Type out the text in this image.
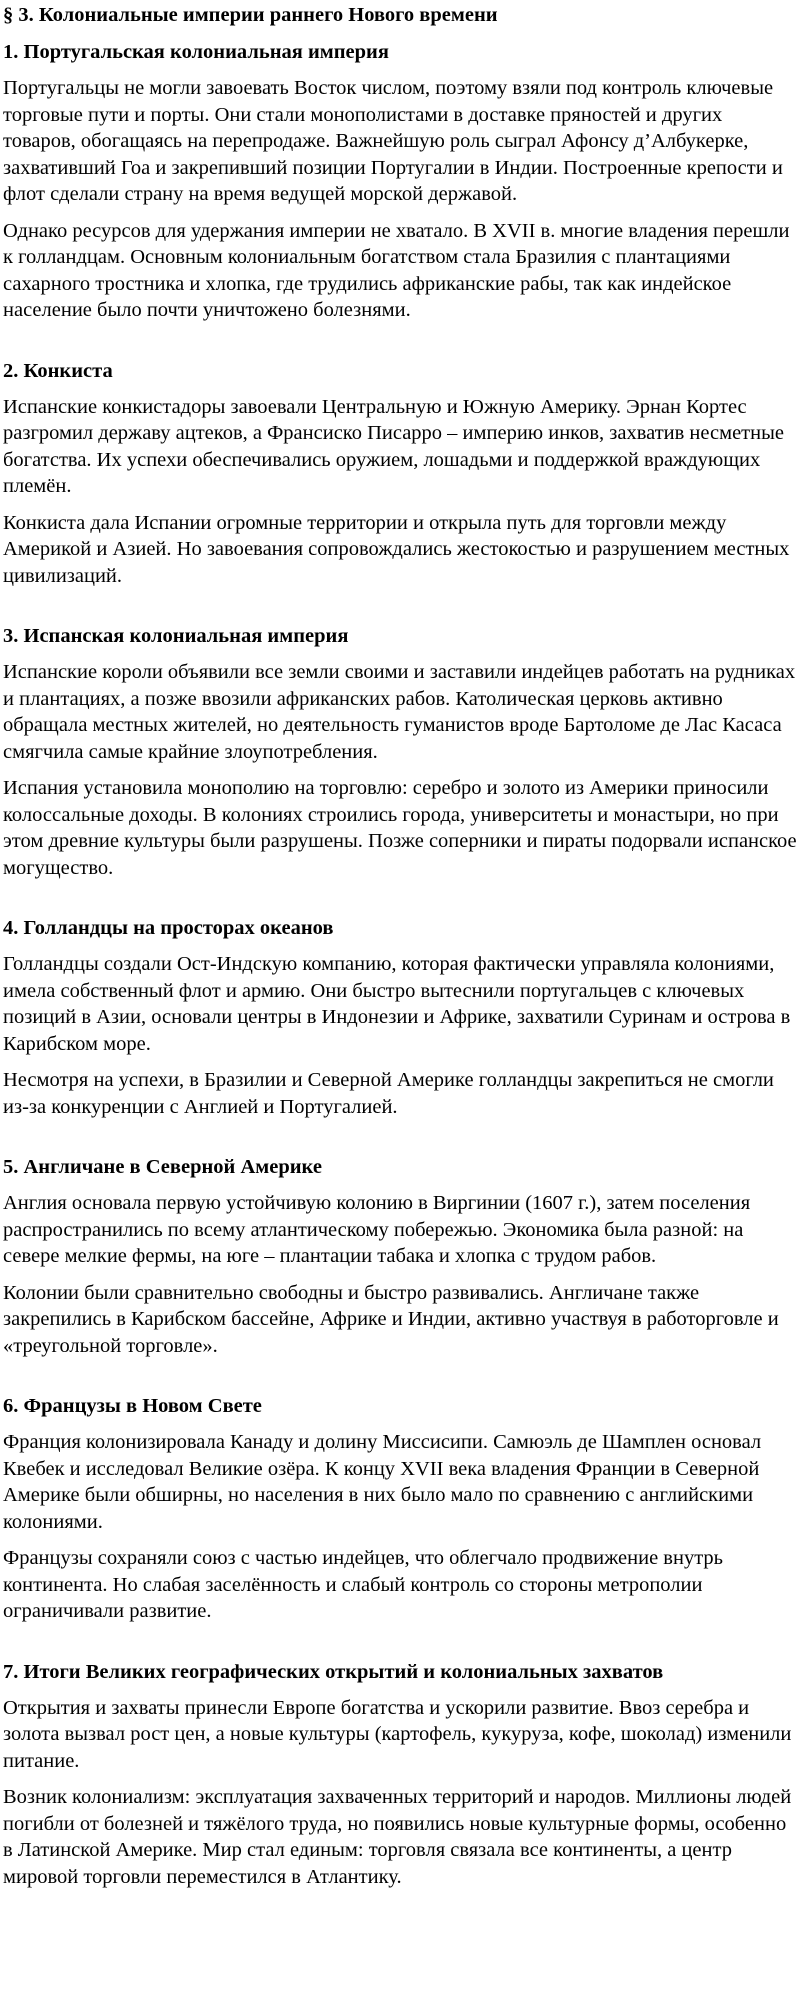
§ 3. Колониальные империи раннего Нового времени
1. Португальская колониальная империя
Португальцы не могли завоевать Восток числом, поэтому взяли под контроль ключевые торговые пути и порты. Они стали монополистами в доставке пряностей и других товаров, обогащаясь на перепродаже. Важнейшую роль сыграл Афонсу д’Албукерке, захвативший Гоа и закрепивший позиции Португалии в Индии. Построенные крепости и флот сделали страну на время ведущей морской державой.
Однако ресурсов для удержания империи не хватало. В XVII в. многие владения перешли к голландцам. Основным колониальным богатством стала Бразилия с плантациями сахарного тростника и хлопка, где трудились африканские рабы, так как индейское население было почти уничтожено болезнями.
2. Конкиста
Испанские конкистадоры завоевали Центральную и Южную Америку. Эрнан Кортес разгромил державу ацтеков, а Франсиско Писарро – империю инков, захватив несметные богатства. Их успехи обеспечивались оружием, лошадьми и поддержкой враждующих племён.
Конкиста дала Испании огромные территории и открыла путь для торговли между Америкой и Азией. Но завоевания сопровождались жестокостью и разрушением местных цивилизаций.
3. Испанская колониальная империя
Испанские короли объявили все земли своими и заставили индейцев работать на рудниках и плантациях, а позже ввозили африканских рабов. Католическая церковь активно обращала местных жителей, но деятельность гуманистов вроде Бартоломе де Лас Касаса смягчила самые крайние злоупотребления.
Испания установила монополию на торговлю: серебро и золото из Америки приносили колоссальные доходы. В колониях строились города, университеты и монастыри, но при этом древние культуры были разрушены. Позже соперники и пираты подорвали испанское могущество.
4. Голландцы на просторах океанов
Голландцы создали Ост-Индскую компанию, которая фактически управляла колониями, имела собственный флот и армию. Они быстро вытеснили португальцев с ключевых позиций в Азии, основали центры в Индонезии и Африке, захватили Суринам и острова в Карибском море.
Несмотря на успехи, в Бразилии и Северной Америке голландцы закрепиться не смогли из-за конкуренции с Англией и Португалией.
5. Англичане в Северной Америке
Англия основала первую устойчивую колонию в Виргинии (1607 г.), затем поселения распространились по всему атлантическому побережью. Экономика была разной: на севере мелкие фермы, на юге – плантации табака и хлопка с трудом рабов.
Колонии были сравнительно свободны и быстро развивались. Англичане также закрепились в Карибском бассейне, Африке и Индии, активно участвуя в работорговле и «треугольной торговле».
6. Французы в Новом Свете
Франция колонизировала Канаду и долину Миссисипи. Самюэль де Шамплен основал Квебек и исследовал Великие озёра. К концу XVII века владения Франции в Северной Америке были обширны, но населения в них было мало по сравнению с английскими колониями.
Французы сохраняли союз с частью индейцев, что облегчало продвижение внутрь континента. Но слабая заселённость и слабый контроль со стороны метрополии ограничивали развитие.
7. Итоги Великих географических открытий и колониальных захватов
Открытия и захваты принесли Европе богатства и ускорили развитие. Ввоз серебра и золота вызвал рост цен, а новые культуры (картофель, кукуруза, кофе, шоколад) изменили питание.
Возник колониализм: эксплуатация захваченных территорий и народов. Миллионы людей погибли от болезней и тяжёлого труда, но появились новые культурные формы, особенно в Латинской Америке. Мир стал единым: торговля связала все континенты, а центр мировой торговли переместился в Атлантику.
